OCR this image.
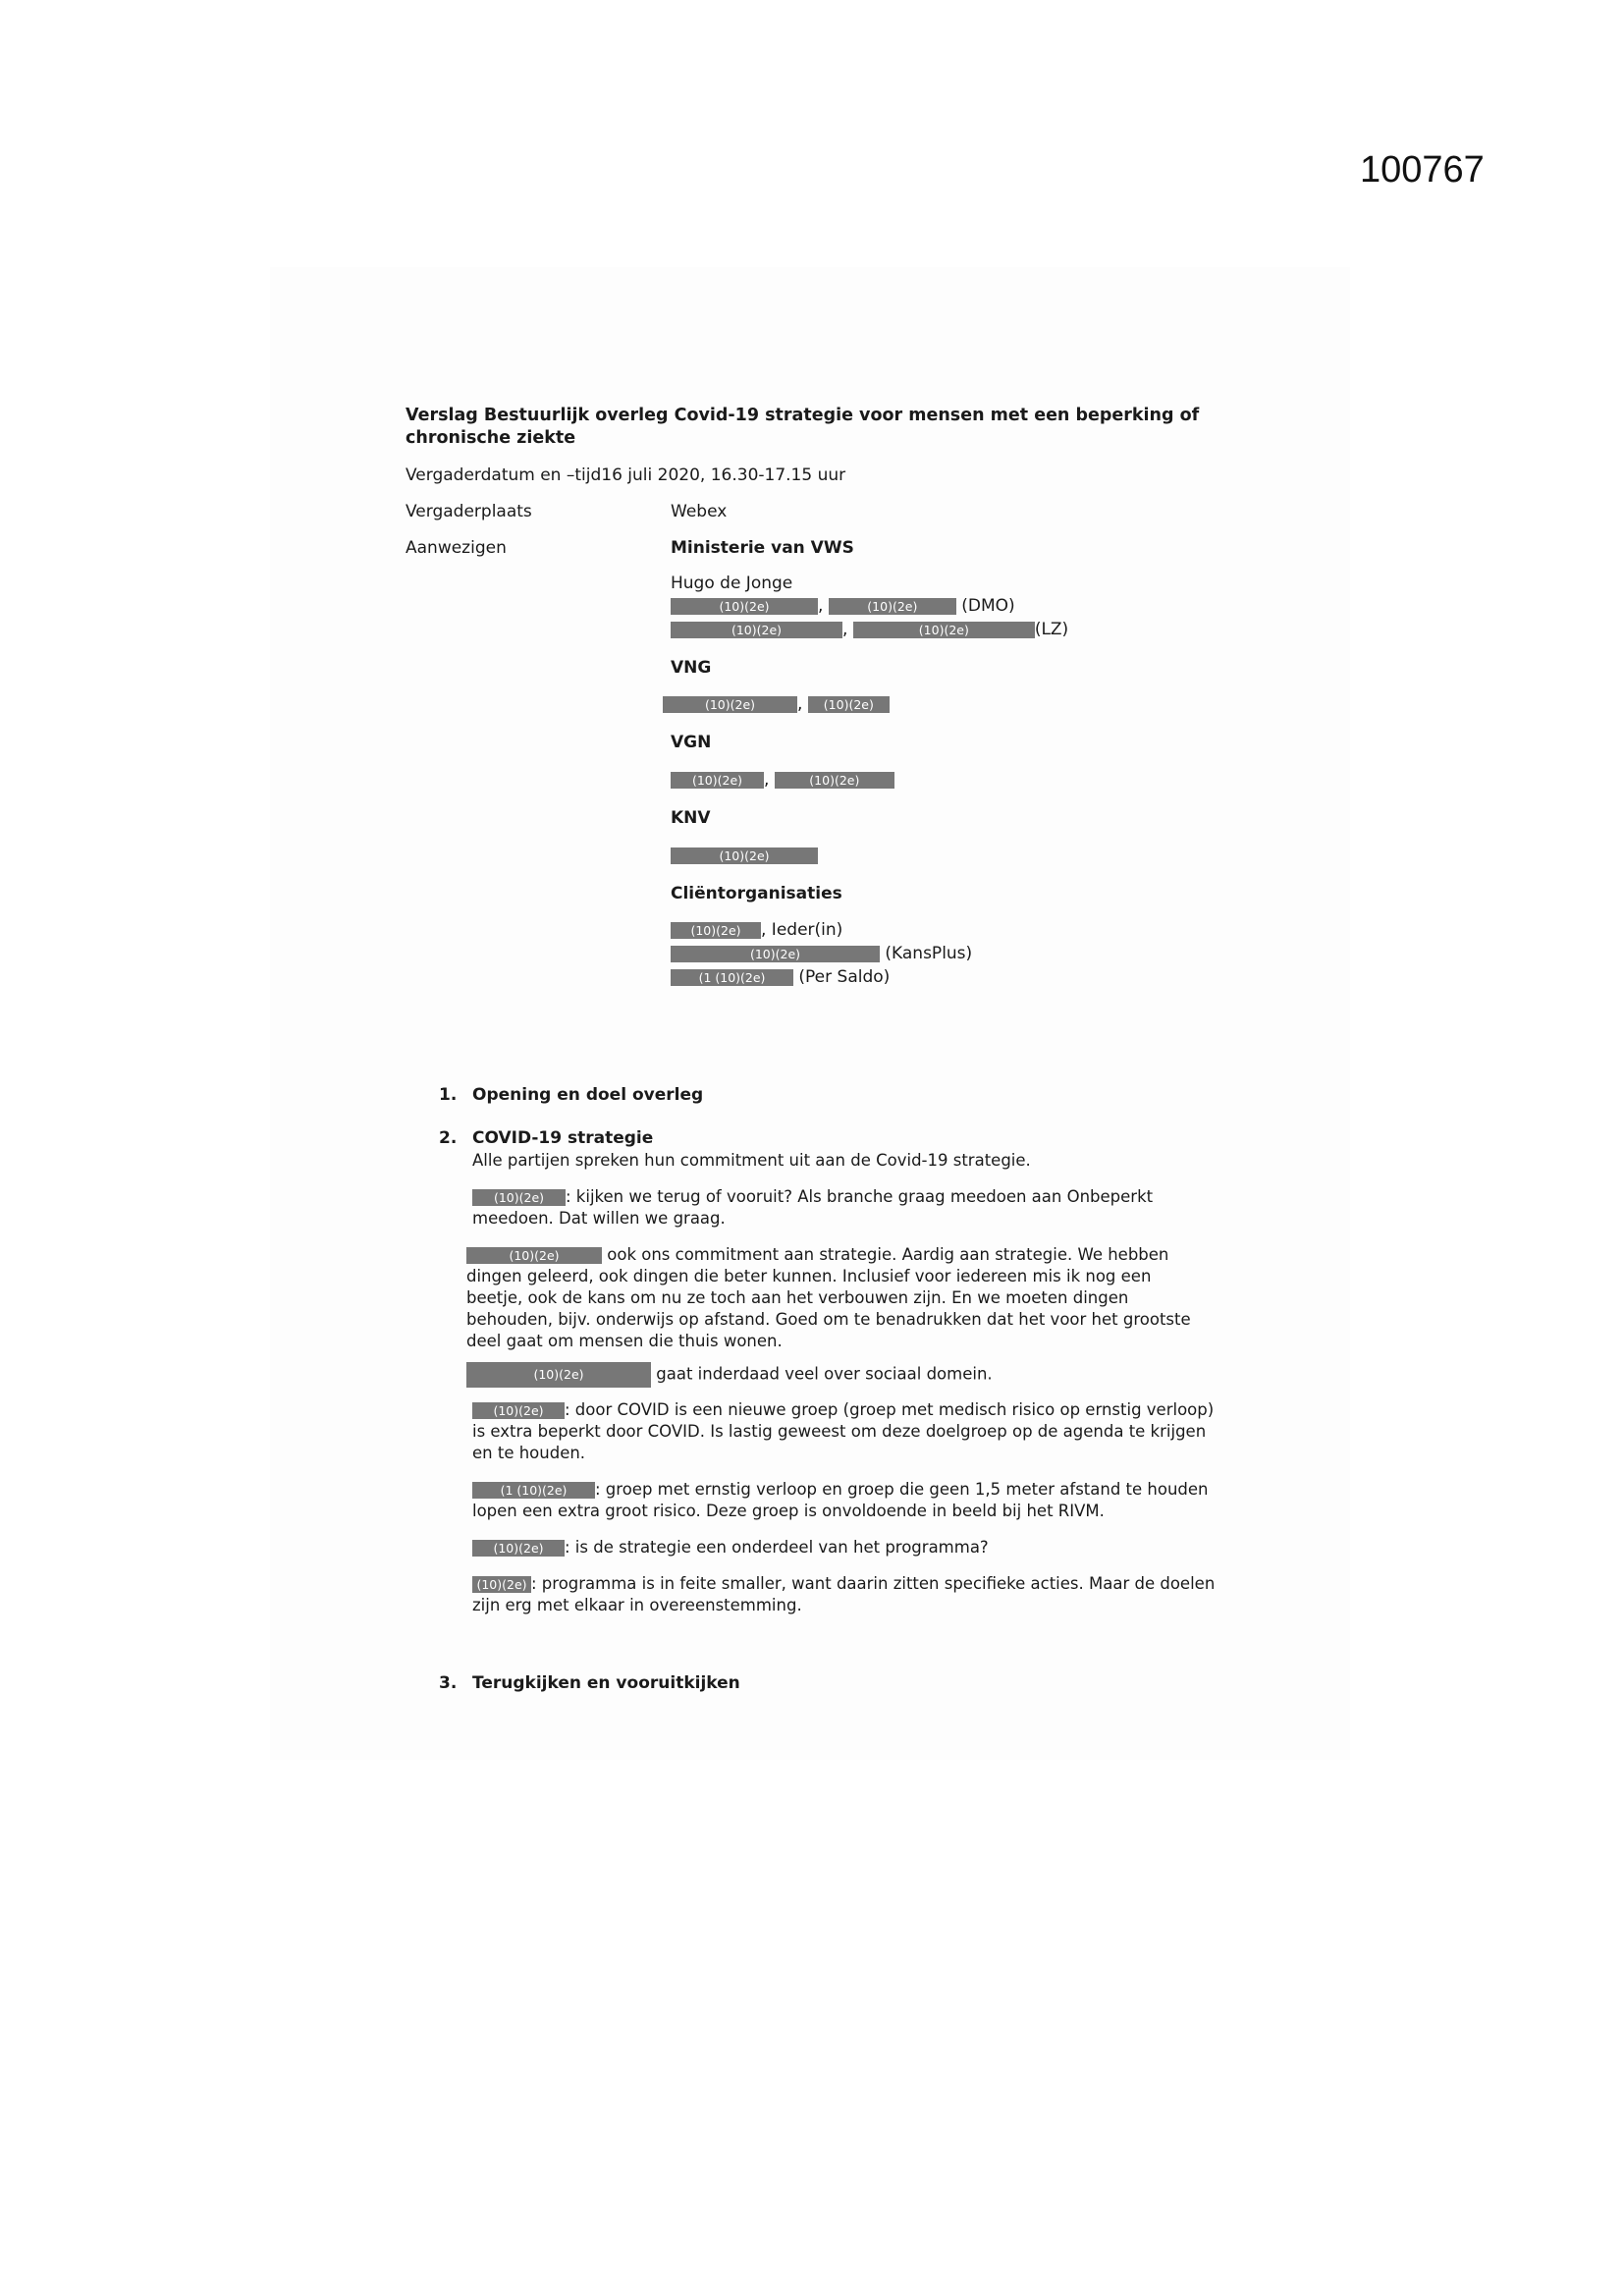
100767
Verslag Bestuurlijk overleg Covid-19 strategie voor mensen met een beperking of
chronische ziekte
Vergaderdatum en –tijd16 juli 2020, 16.30-17.15 uur
Vergaderplaats	Webex
Aanwezigen	Ministerie van VWS
Hugo de Jonge
(10)(2e)	,	(10)(2e)	(DMO)
(10)(2e)	,	(10)(2e)	(LZ)
VNG
(10)(2e)	, (10)(2e)
VGN
(10)(2e) ,	(10)(2e)
KNV
(10)(2e)
Cliëntorganisaties
(10)(2e) , Ieder(in)
(10)(2e)	(KansPlus)
(1 (10)(2e) (Per Saldo)
1. Opening en doel overleg
2. COVID-19 strategie
Alle partijen spreken hun commitment uit aan de Covid-19 strategie.
(10)(2e) : kijken we terug of vooruit? Als branche graag meedoen aan Onbeperkt
meedoen. Dat willen we graag.
(10)(2e)	ook ons commitment aan strategie. Aardig aan strategie. We hebben
dingen geleerd, ook dingen die beter kunnen. Inclusief voor iedereen mis ik nog een
beetje, ook de kans om nu ze toch aan het verbouwen zijn. En we moeten dingen
behouden, bijv. onderwijs op afstand. Goed om te benadrukken dat het voor het grootste
deel gaat om mensen die thuis wonen.
(10)(2e)	gaat inderdaad veel over sociaal domein.
(10)(2e) : door COVID is een nieuwe groep (groep met medisch risico op ernstig verloop)
is extra beperkt door COVID. Is lastig geweest om deze doelgroep op de agenda te krijgen
en te houden.
(1 (10)(2e) : groep met ernstig verloop en groep die geen 1,5 meter afstand te houden
lopen een extra groot risico. Deze groep is onvoldoende in beeld bij het RIVM.
(10)(2e) : is de strategie een onderdeel van het programma?
(10)(2e) : programma is in feite smaller, want daarin zitten specifieke acties. Maar de doelen
zijn erg met elkaar in overeenstemming.
3. Terugkijken en vooruitkijken
